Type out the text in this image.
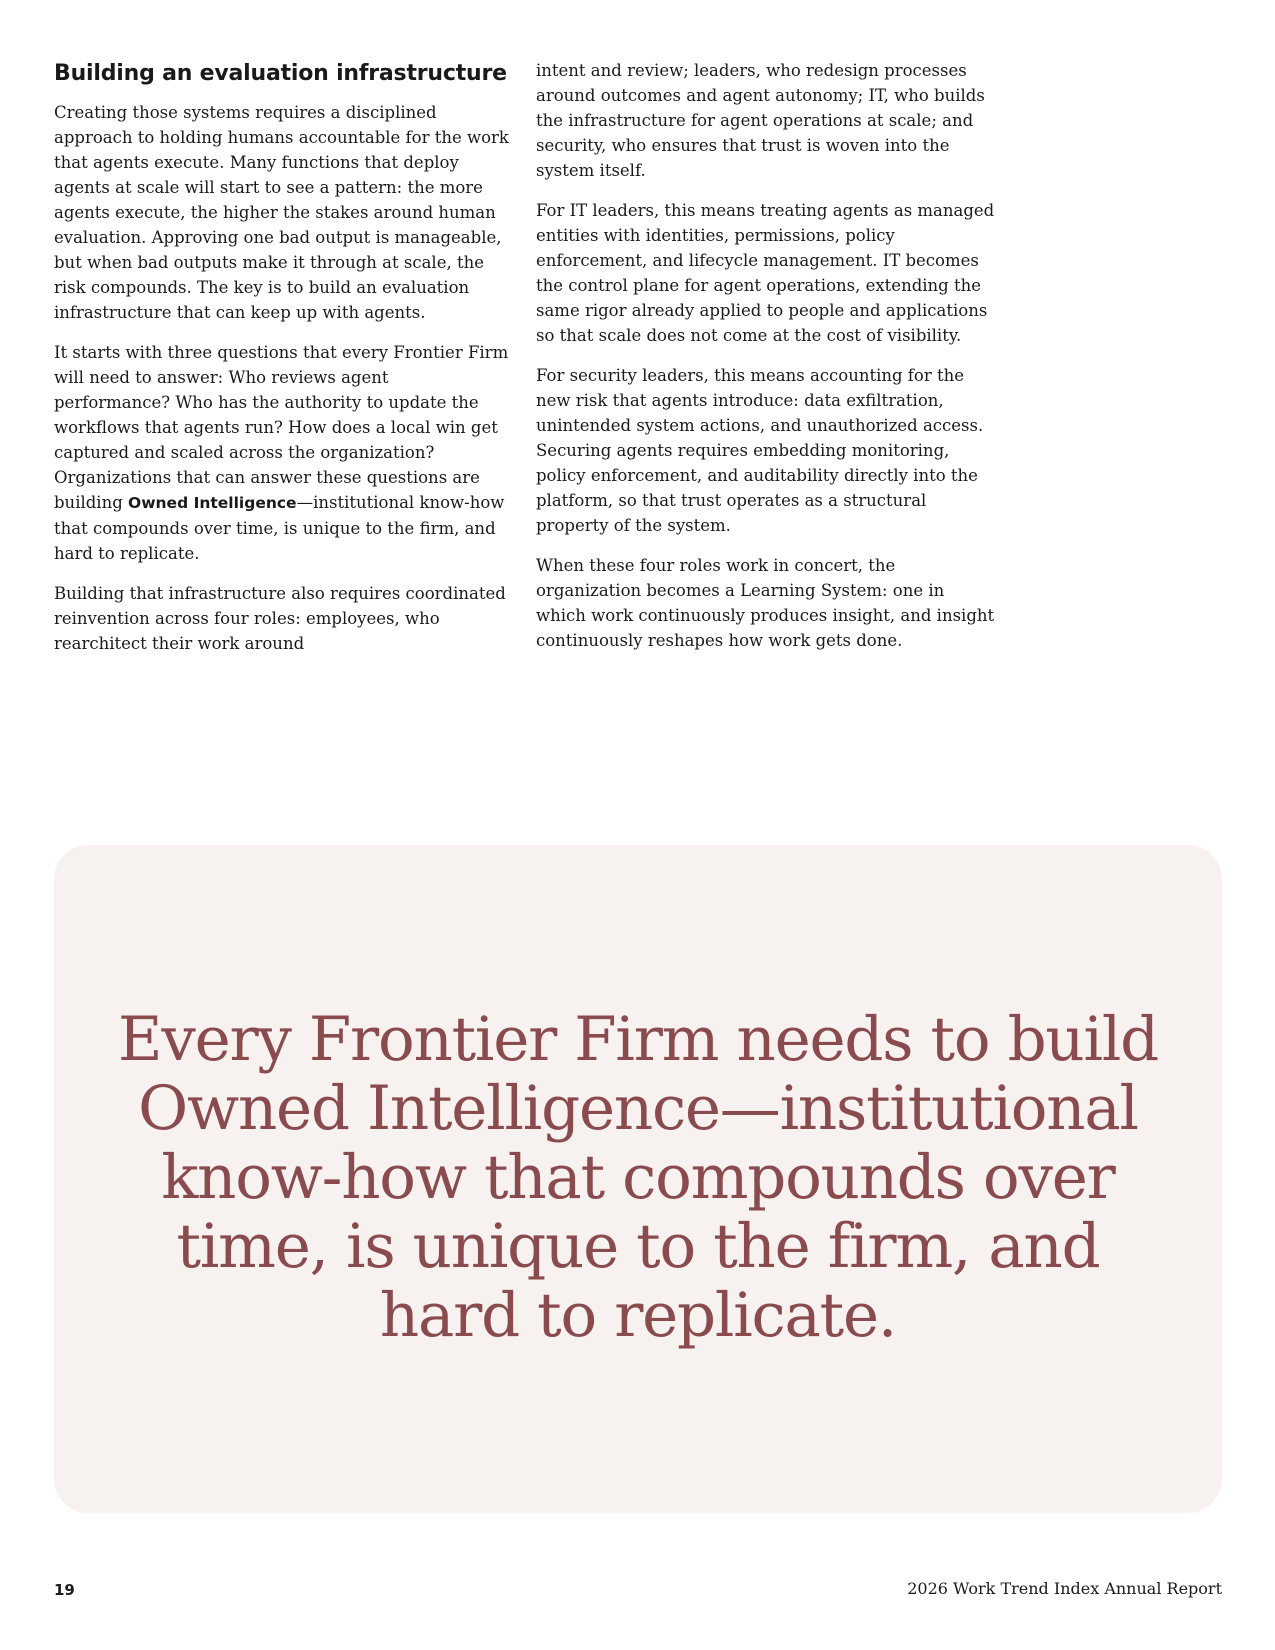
Building an evaluation infrastructure

Creating those systems requires a disciplined approach to holding humans accountable for the work that agents execute. Many functions that deploy agents at scale will start to see a pattern: the more agents execute, the higher the stakes around human evaluation. Approving one bad output is manageable, but when bad outputs make it through at scale, the risk compounds. The key is to build an evaluation infrastructure that can keep up with agents.

It starts with three questions that every Frontier Firm will need to answer: Who reviews agent performance? Who has the authority to update the workflows that agents run? How does a local win get captured and scaled across the organization? Organizations that can answer these questions are building Owned Intelligence—institutional know-how that compounds over time, is unique to the firm, and hard to replicate.

Building that infrastructure also requires coordinated reinvention across four roles: employees, who rearchitect their work around

intent and review; leaders, who redesign processes around outcomes and agent autonomy; IT, who builds the infrastructure for agent operations at scale; and security, who ensures that trust is woven into the system itself.

For IT leaders, this means treating agents as managed entities with identities, permissions, policy enforcement, and lifecycle management. IT becomes the control plane for agent operations, extending the same rigor already applied to people and applications so that scale does not come at the cost of visibility.

For security leaders, this means accounting for the new risk that agents introduce: data exfiltration, unintended system actions, and unauthorized access. Securing agents requires embedding monitoring, policy enforcement, and auditability directly into the platform, so that trust operates as a structural property of the system.

When these four roles work in concert, the organization becomes a Learning System: one in which work continuously produces insight, and insight continuously reshapes how work gets done.

Every Frontier Firm needs to build Owned Intelligence—institutional know-how that compounds over time, is unique to the firm, and hard to replicate.
19	2026 Work Trend Index Annual Report
